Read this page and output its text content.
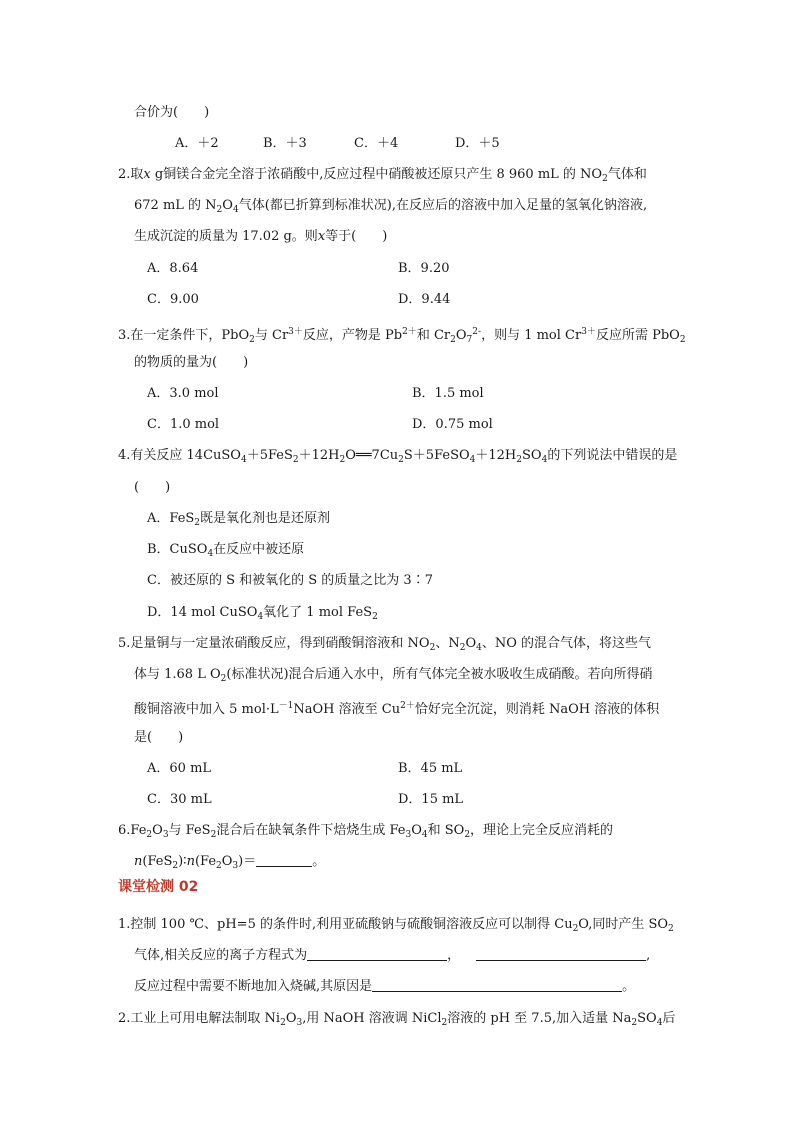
合价为(　　)
A．＋2	B．＋3	C．＋4	D．＋5
2.取x g铜镁合金完全溶于浓硝酸中,反应过程中硝酸被还原只产生 8 960 mL 的 $NO_2$气体和
672 mL 的 $N_2O_4$气体(都已折算到标准状况),在反应后的溶液中加入足量的氢氧化钠溶液,
生成沉淀的质量为 17.02 g。则x等于(　　)
A．8.64	B．9.20
C．9.00	D．9.44
3.在一定条件下，PbO$_2$与 $Cr^{3+}$反应，产物是 $Pb^{2+}$和 $Cr_2O_7^{2-}$，则与 1 mol $Cr^{3+}$反应所需 PbO$_2$
的物质的量为(　　)
A．3.0 mol	B．1.5 mol
C．1.0 mol	D．0.75 mol
4.有关反应 $14CuSO_4+5FeS_2+12H_2O══7Cu_2S+5FeSO_4+12H_2SO_4$的下列说法中错误的是
(　　)
A．FeS$_2$既是氧化剂也是还原剂
B．CuSO$_4$在反应中被还原
C．被还原的 S 和被氧化的 S 的质量之比为 3∶7
D．14 mol CuSO$_4$氧化了 1 mol FeS$_2$
5.足量铜与一定量浓硝酸反应，得到硝酸铜溶液和 $NO_2$、$N_2O_4$、NO 的混合气体，将这些气
体与 1.68 L $O_2$(标准状况)混合后通入水中，所有气体完全被水吸收生成硝酸。若向所得硝
酸铜溶液中加入 5 $mol\cdot L^{-1}NaOH$ 溶液至 $Cu^{2+}$恰好完全沉淀，则消耗 NaOH 溶液的体积
是(　　)
A．60 mL	B．45 mL
C．30 mL	D．15 mL
$6.Fe_2O_3$与 FeS$_2$混合后在缺氧条件下焙烧生成 $Fe_3O_4$和 $SO_2$，理论上完全反应消耗的
$n(FeS_2)∶n(Fe_2O_3)=$	。
课堂检测 02
1.控制 100 ℃、pH=5 的条件时,利用亚硫酸钠与硫酸铜溶液反应可以制得 $Cu_2O$,同时产生 $SO_2$
气体,相关反应的离子方程式为	，	,
反应过程中需要不断地加入烧碱,其原因是	。
2.工业上可用电解法制取 $Ni_2O_3$,用 NaOH 溶液调 NiCl$_2$溶液的 pH 至 7.5,加入适量 $Na_2SO_4$后
